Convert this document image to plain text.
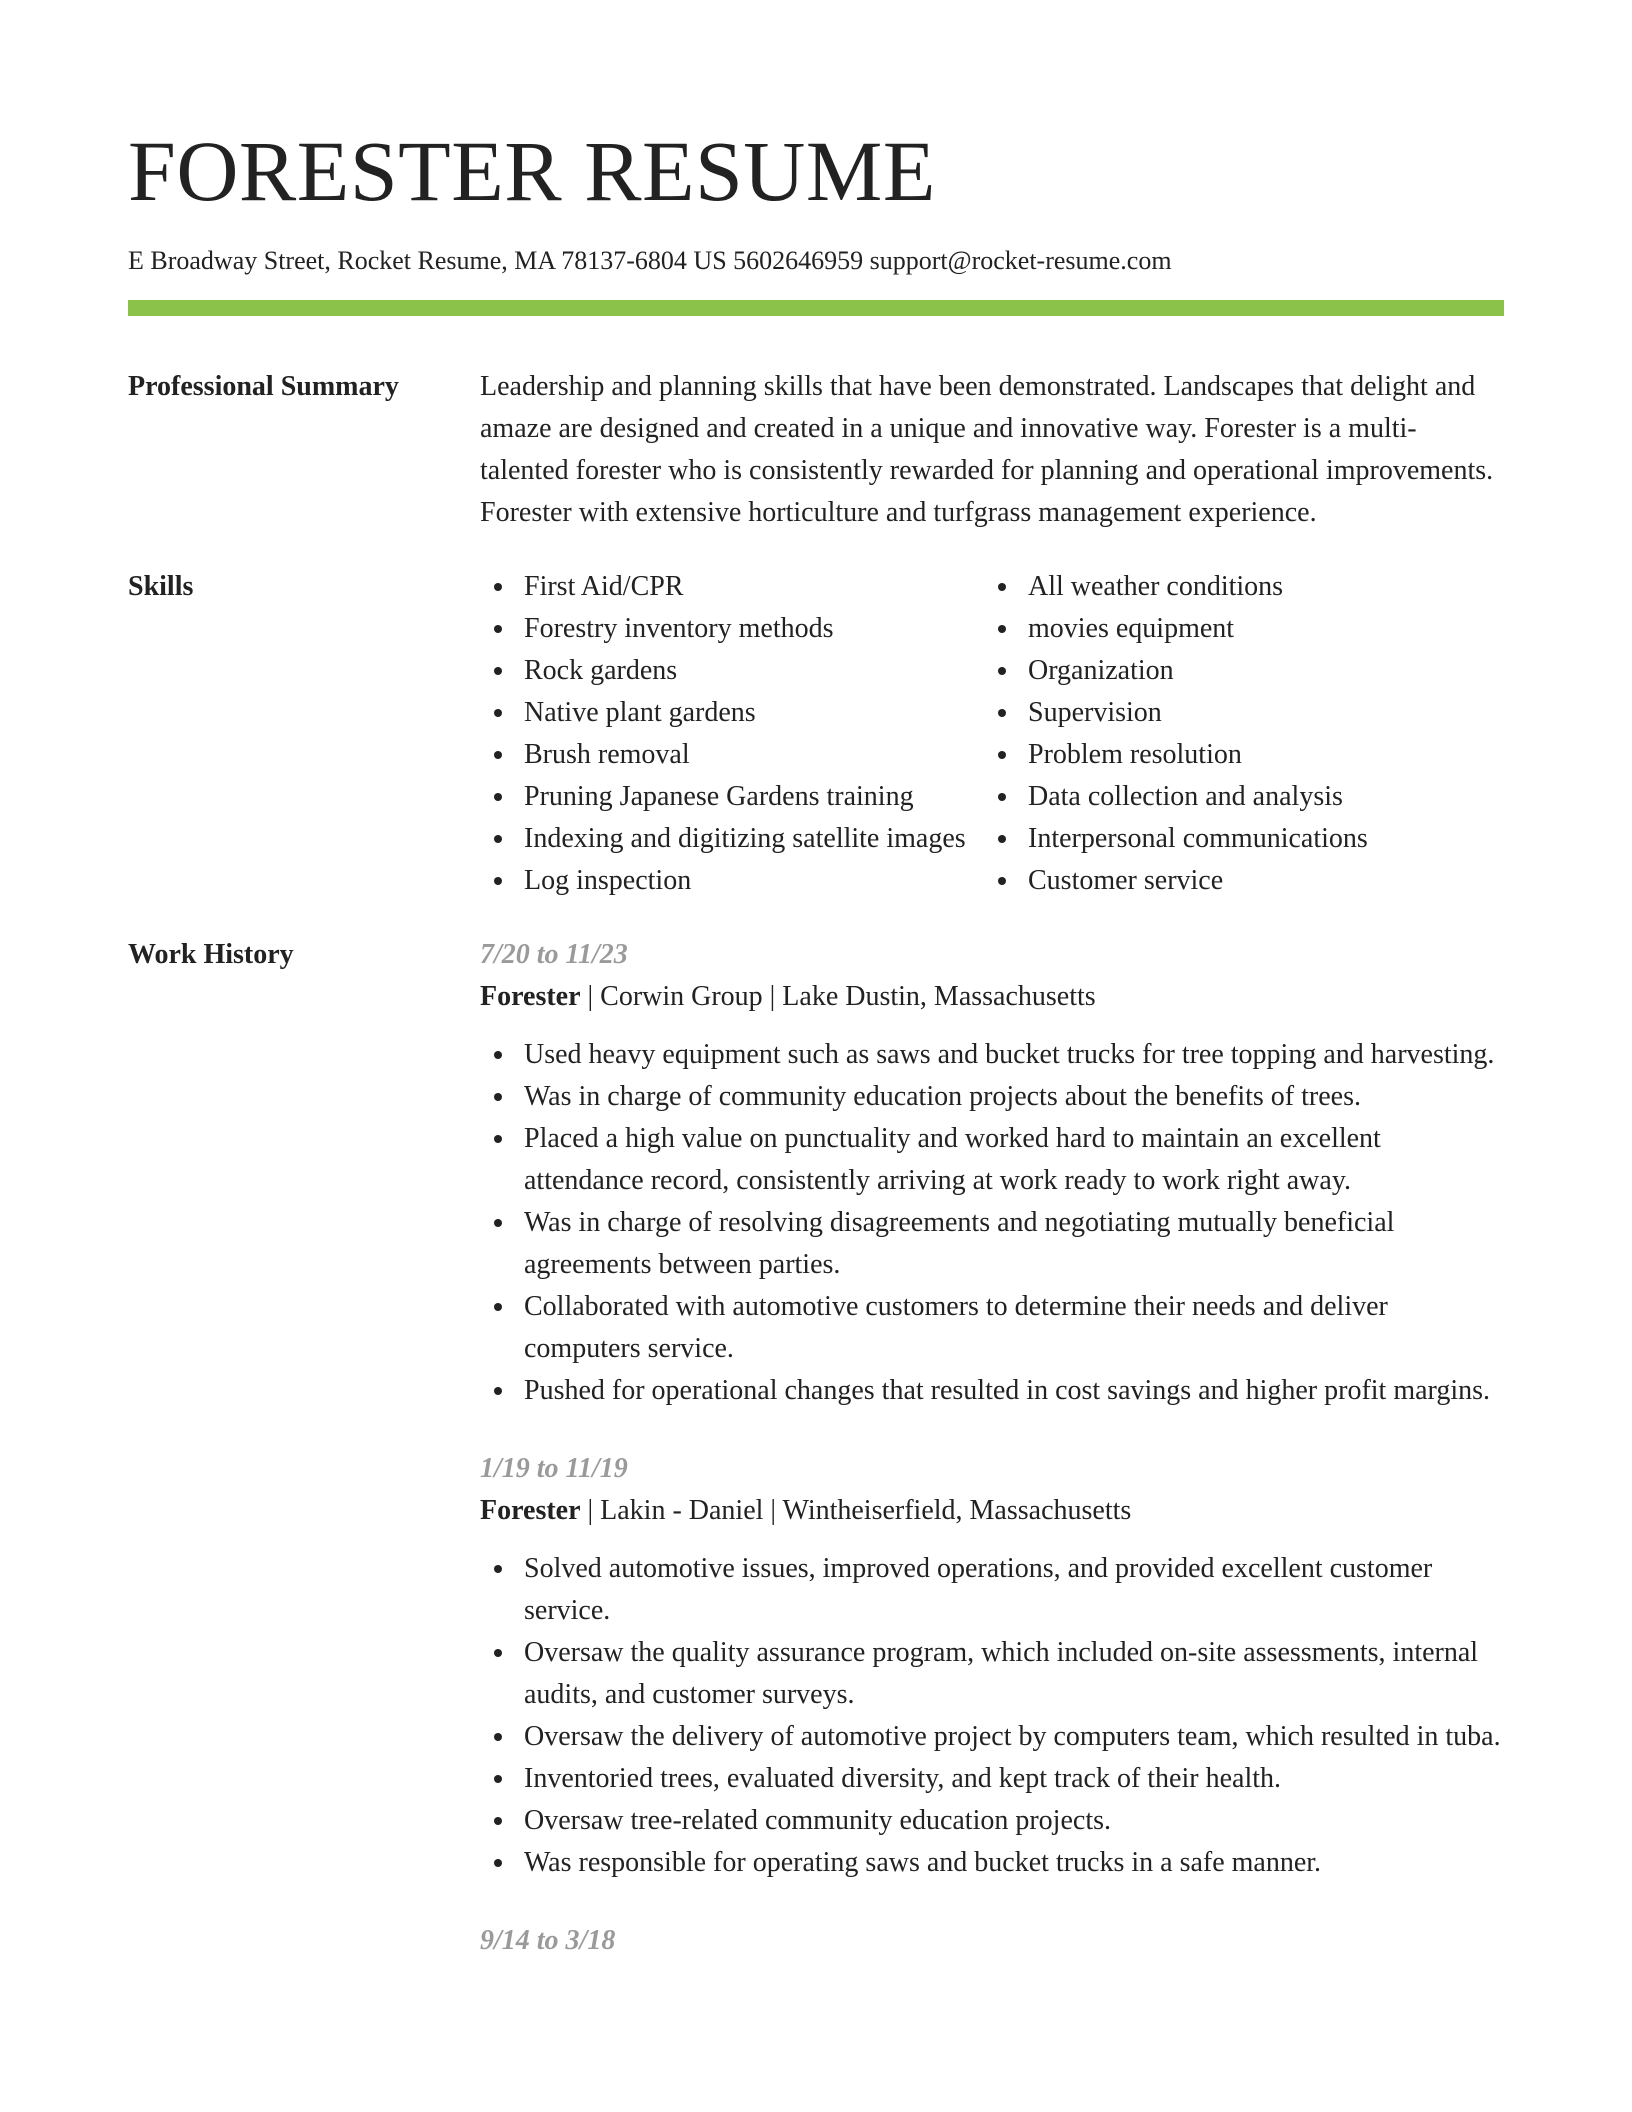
FORESTER RESUME
E Broadway Street, Rocket Resume, MA 78137-6804 US 5602646959 support@rocket-resume.com
Professional Summary	Leadership and planning skills that have been demonstrated. Landscapes that delight and amaze are designed and created in a unique and innovative way. Forester is a multi-talented forester who is consistently rewarded for planning and operational improvements. Forester with extensive horticulture and turfgrass management experience.

Skills	First Aid/CPR
Forestry inventory methods
Rock gardens
Native plant gardens
Brush removal
Pruning Japanese Gardens training
Indexing and digitizing satellite images
Log inspection
All weather conditions
movies equipment
Organization
Supervision
Problem resolution
Data collection and analysis
Interpersonal communications
Customer service
Work History	7/20 to 11/23
Forester | Corwin Group | Lake Dustin, Massachusetts
Used heavy equipment such as saws and bucket trucks for tree topping and harvesting.
Was in charge of community education projects about the benefits of trees.
Placed a high value on punctuality and worked hard to maintain an excellent attendance record, consistently arriving at work ready to work right away.
Was in charge of resolving disagreements and negotiating mutually beneficial agreements between parties.
Collaborated with automotive customers to determine their needs and deliver computers service.
Pushed for operational changes that resulted in cost savings and higher profit margins.
1/19 to 11/19
Forester | Lakin - Daniel | Wintheiserfield, Massachusetts
Solved automotive issues, improved operations, and provided excellent customer service.
Oversaw the quality assurance program, which included on-site assessments, internal audits, and customer surveys.
Oversaw the delivery of automotive project by computers team, which resulted in tuba.
Inventoried trees, evaluated diversity, and kept track of their health.
Oversaw tree-related community education projects.
Was responsible for operating saws and bucket trucks in a safe manner.
9/14 to 3/18
